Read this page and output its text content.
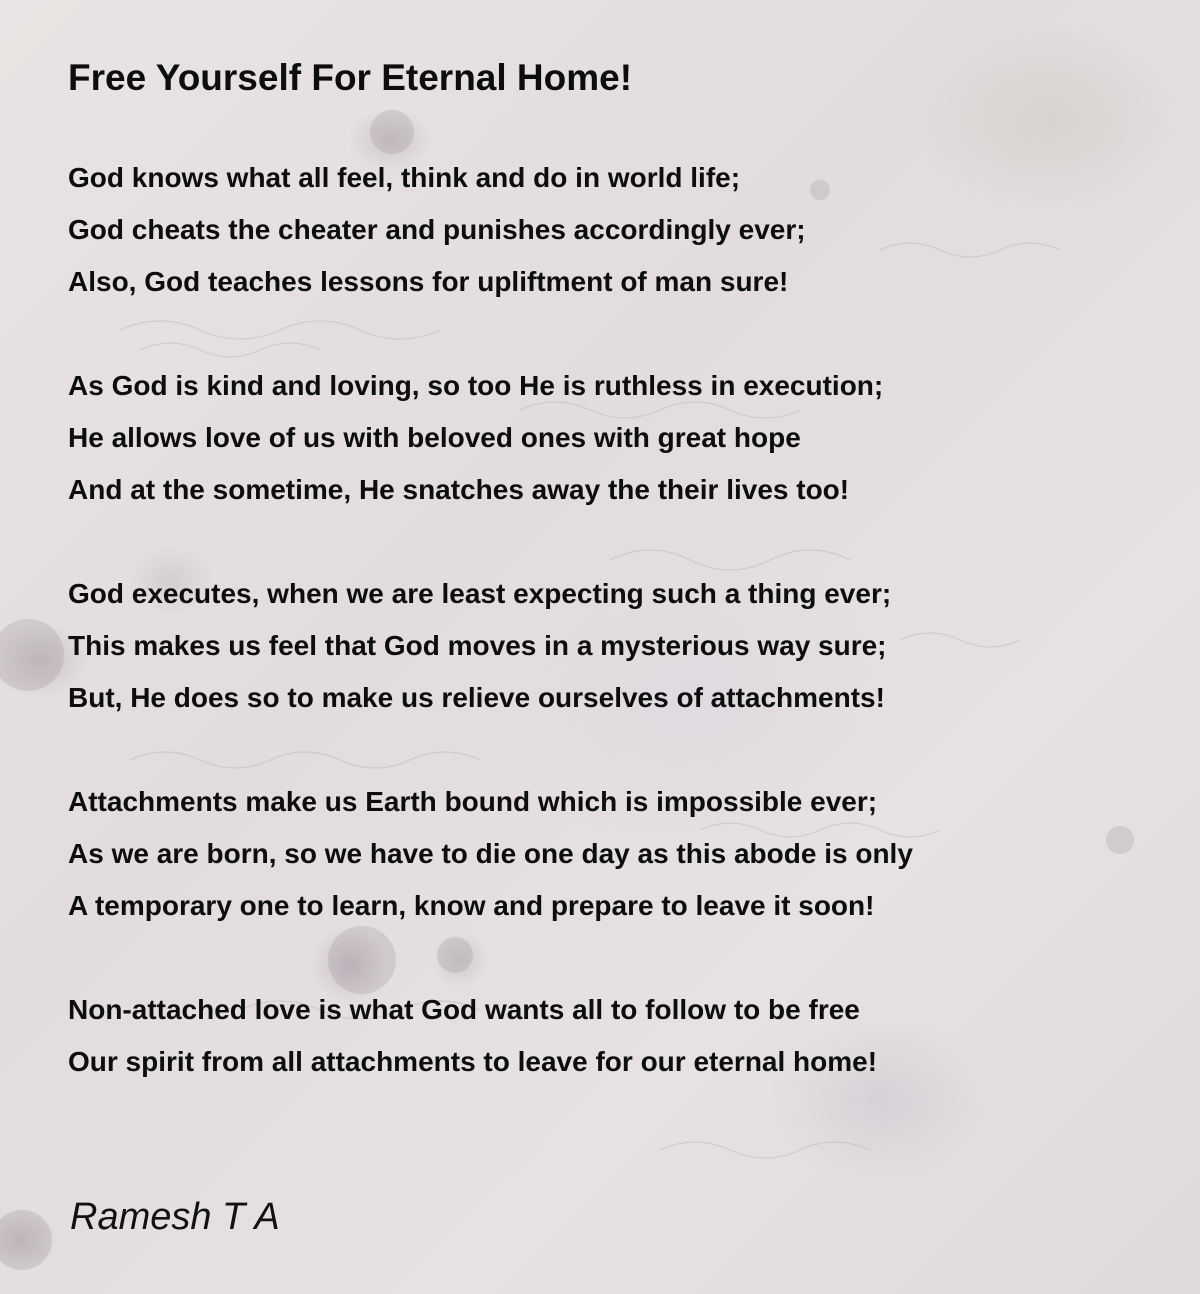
Free Yourself For Eternal Home!

God knows what all feel, think and do in world life;
God cheats the cheater and punishes accordingly ever;
Also, God teaches lessons for upliftment of man sure!

As God is kind and loving, so too He is ruthless in execution;
He allows love of us with beloved ones with great hope
And at the sometime, He snatches away the their lives too!

God executes, when we are least expecting such a thing ever;
This makes us feel that God moves in a mysterious way sure;
But, He does so to make us relieve ourselves of attachments!

Attachments make us Earth bound which is impossible ever;
As we are born, so we have to die one day as this abode is only
A temporary one to learn, know and prepare to leave it soon!

Non-attached love is what God wants all to follow to be free
Our spirit from all attachments to leave for our eternal home!

Ramesh T A
